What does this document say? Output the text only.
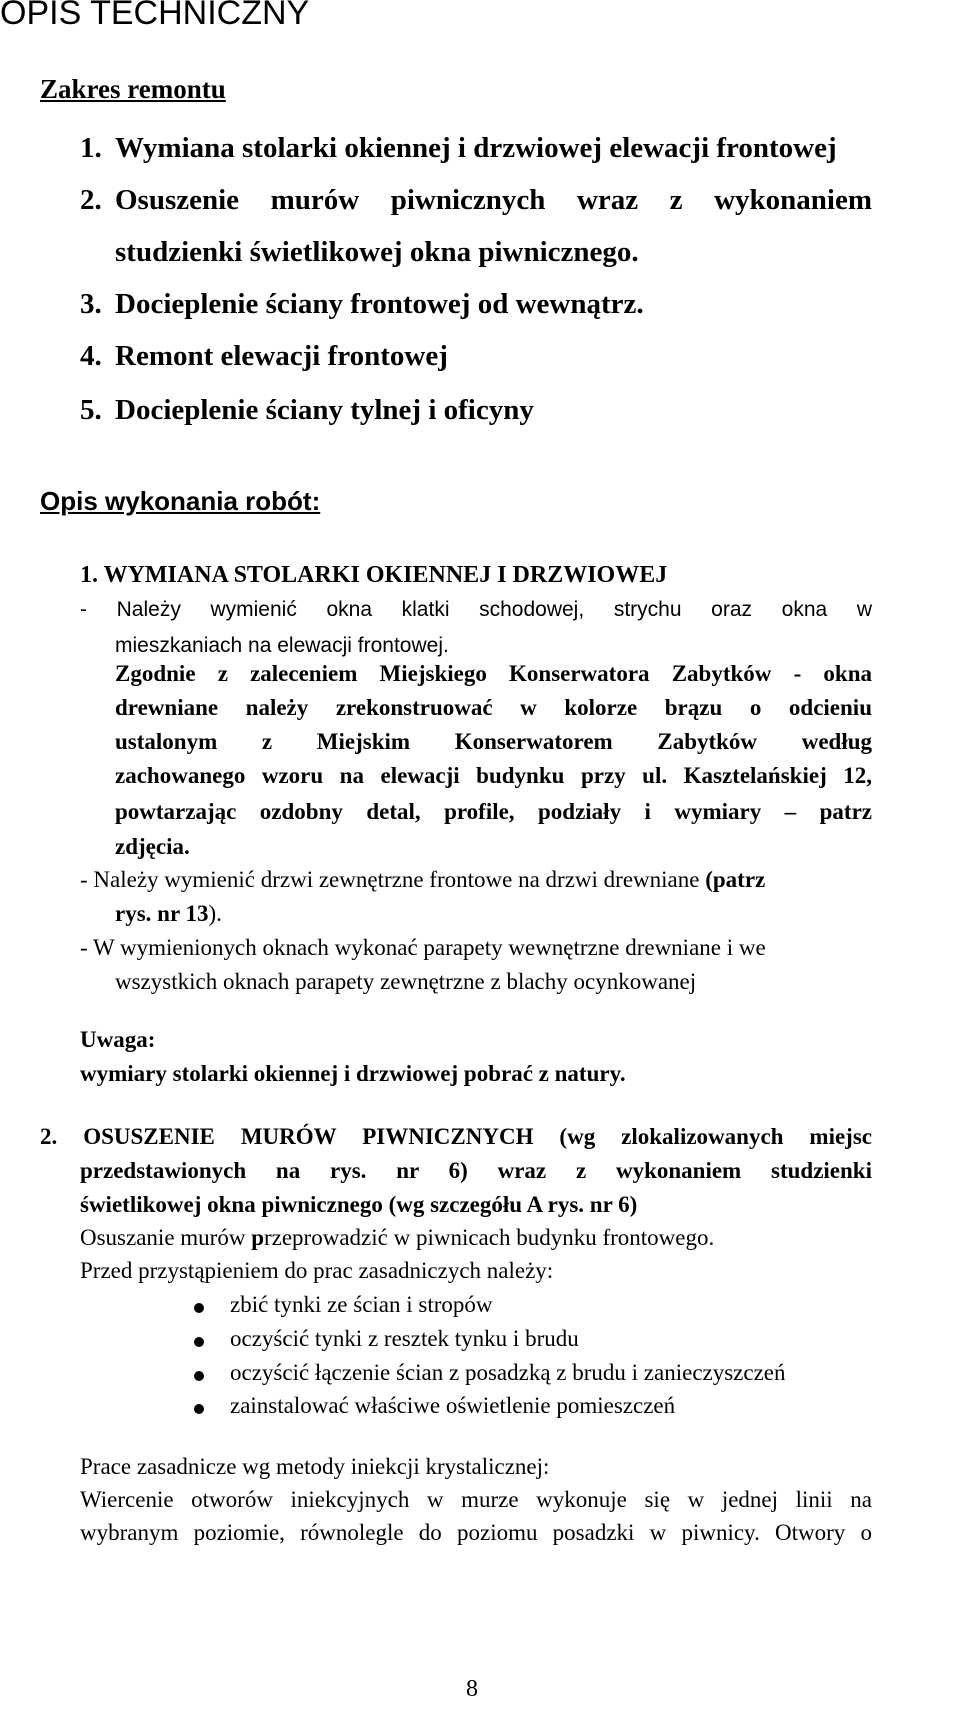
OPIS TECHNICZNY
Zakres remontu
1. Wymiana stolarki okiennej i drzwiowej elewacji frontowej
2. Osuszenie murów piwnicznych wraz z wykonaniem
studzienki świetlikowej okna piwnicznego.
3. Docieplenie ściany frontowej od wewnątrz.
4. Remont elewacji frontowej
5. Docieplenie ściany tylnej i oficyny
Opis wykonania robót:
1. WYMIANA STOLARKI OKIENNEJ I DRZWIOWEJ
- Należy wymienić okna klatki schodowej, strychu oraz okna w
mieszkaniach na elewacji frontowej.
Zgodnie z zaleceniem Miejskiego Konserwatora Zabytków - okna
drewniane należy zrekonstruować w kolorze brązu o odcieniu
ustalonym z Miejskim Konserwatorem Zabytków według
zachowanego wzoru na elewacji budynku przy ul. Kasztelańskiej 12,
powtarzając ozdobny detal, profile, podziały i wymiary – patrz
zdjęcia.
- Należy wymienić drzwi zewnętrzne frontowe na drzwi drewniane (patrz
rys. nr 13).
- W wymienionych oknach wykonać parapety wewnętrzne drewniane i we
wszystkich oknach parapety zewnętrzne z blachy ocynkowanej
Uwaga:
wymiary stolarki okiennej i drzwiowej pobrać z natury.
2. OSUSZENIE MURÓW PIWNICZNYCH (wg zlokalizowanych miejsc
przedstawionych na rys. nr 6) wraz z wykonaniem studzienki
świetlikowej okna piwnicznego (wg szczegółu A rys. nr 6)
Osuszanie murów przeprowadzić w piwnicach budynku frontowego.
Przed przystąpieniem do prac zasadniczych należy:
zbić tynki ze ścian i stropów
oczyścić tynki z resztek tynku i brudu
oczyścić łączenie ścian z posadzką z brudu i zanieczyszczeń
zainstalować właściwe oświetlenie pomieszczeń
Prace zasadnicze wg metody iniekcji krystalicznej:
Wiercenie otworów iniekcyjnych w murze wykonuje się w jednej linii na
wybranym poziomie, równolegle do poziomu posadzki w piwnicy. Otwory o
8
